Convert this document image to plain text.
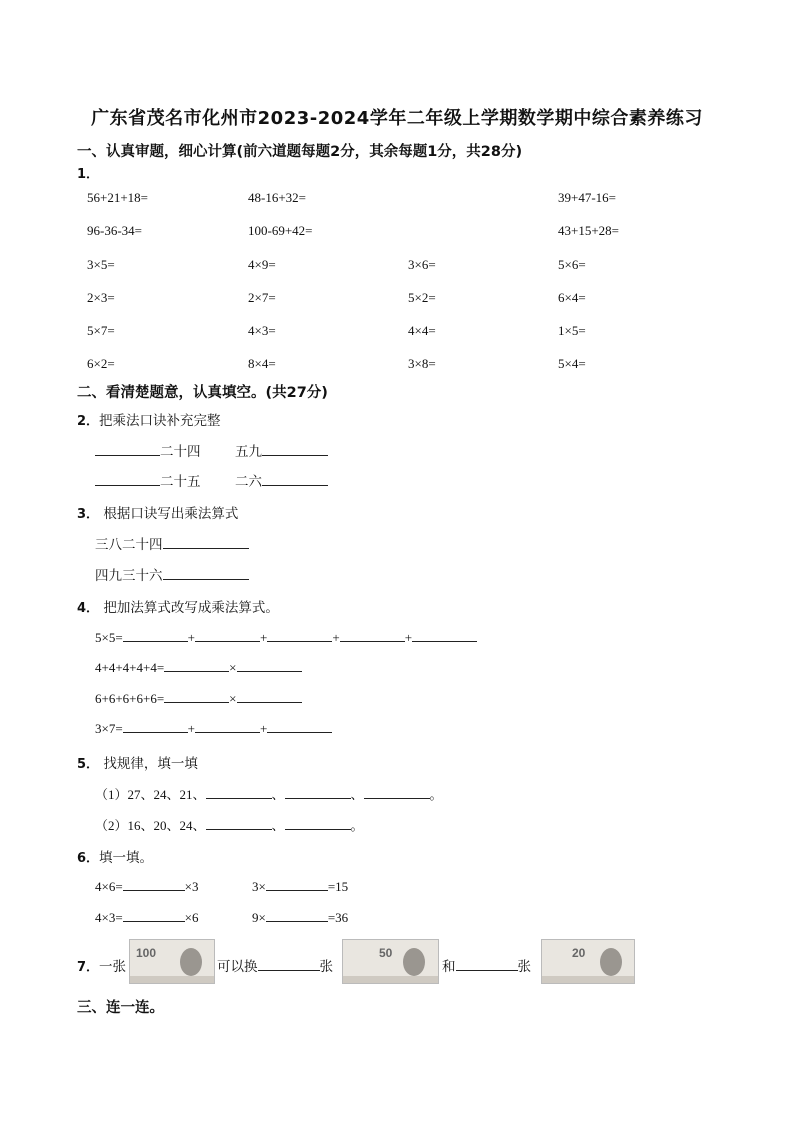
广东省茂名市化州市2023-2024学年二年级上学期数学期中综合素养练习
一、认真审题，细心计算(前六道题每题2分，其余每题1分，共28分)
1．
56+21+18=	48-16+32=	39+47-16=
96-36-34=	100-69+42=	43+15+28=
3×5=	4×9=	3×6=	5×6=
2×3=	2×7=	5×2=	6×4=
5×7=	4×3=	4×4=	1×5=
6×2=	8×4=	3×8=	5×4=
二、看清楚题意，认真填空。(共27分)
2．把乘法口诀补充完整
二十四	五九
二十五	二六
3． 根据口诀写出乘法算式
三八二十四
四九三十六
4． 把加法算式改写成乘法算式。
5×5=	+	+	+	+
4+4+4+4+4=	×
6+6+6+6+6=	×
3×7=	+	+
5． 找规律，填一填
（1）27、24、21、	、	、	。
（2）16、20、24、	、	。
6．填一填。
4×6=	×3	3×	=15
4×3=	×6	9×	=36
7．一张
100
可以换	张
50
和	张
20
三、连一连。
